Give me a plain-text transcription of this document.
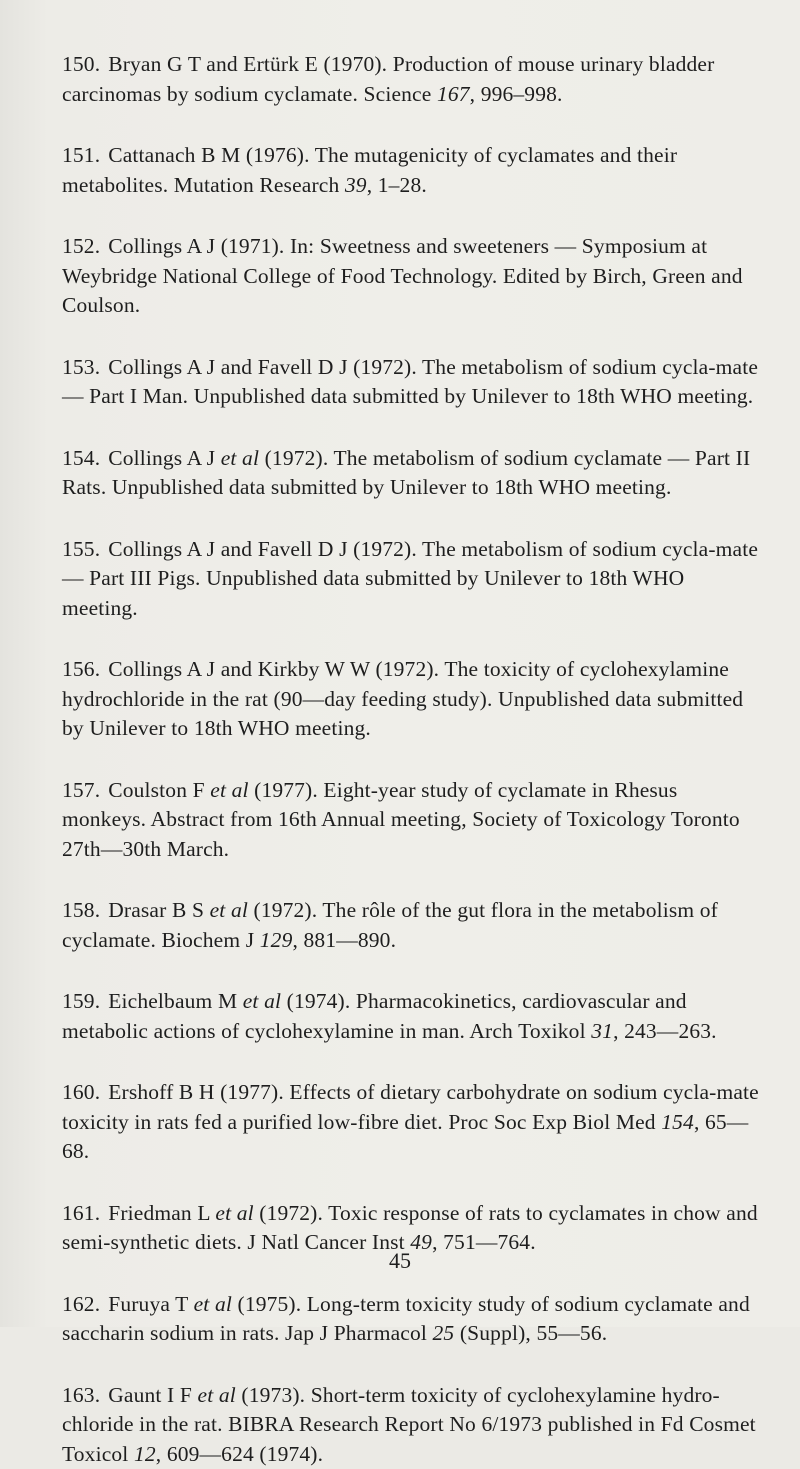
150. Bryan G T and Ertürk E (1970). Production of mouse urinary bladder carcinomas by sodium cyclamate. Science 167, 996–998.

151. Cattanach B M (1976). The mutagenicity of cyclamates and their metabolites. Mutation Research 39, 1–28.

152. Collings A J (1971). In: Sweetness and sweeteners — Symposium at Weybridge National College of Food Technology. Edited by Birch, Green and Coulson.

153. Collings A J and Favell D J (1972). The metabolism of sodium cycla-mate — Part I Man. Unpublished data submitted by Unilever to 18th WHO meeting.

154. Collings A J et al (1972). The metabolism of sodium cyclamate — Part II Rats. Unpublished data submitted by Unilever to 18th WHO meeting.

155. Collings A J and Favell D J (1972). The metabolism of sodium cycla-mate — Part III Pigs. Unpublished data submitted by Unilever to 18th WHO meeting.

156. Collings A J and Kirkby W W (1972). The toxicity of cyclohexylamine hydrochloride in the rat (90—day feeding study). Unpublished data submitted by Unilever to 18th WHO meeting.

157. Coulston F et al (1977). Eight-year study of cyclamate in Rhesus monkeys. Abstract from 16th Annual meeting, Society of Toxicology Toronto 27th—30th March.

158. Drasar B S et al (1972). The rôle of the gut flora in the metabolism of cyclamate. Biochem J 129, 881—890.

159. Eichelbaum M et al (1974). Pharmacokinetics, cardiovascular and metabolic actions of cyclohexylamine in man. Arch Toxikol 31, 243—263.

160. Ershoff B H (1977). Effects of dietary carbohydrate on sodium cycla-mate toxicity in rats fed a purified low-fibre diet. Proc Soc Exp Biol Med 154, 65—68.

161. Friedman L et al (1972). Toxic response of rats to cyclamates in chow and semi-synthetic diets. J Natl Cancer Inst 49, 751—764.

162. Furuya T et al (1975). Long-term toxicity study of sodium cyclamate and saccharin sodium in rats. Jap J Pharmacol 25 (Suppl), 55—56.

163. Gaunt I F et al (1973). Short-term toxicity of cyclohexylamine hydro-chloride in the rat. BIBRA Research Report No 6/1973 published in Fd Cosmet Toxicol 12, 609—624 (1974).

45
